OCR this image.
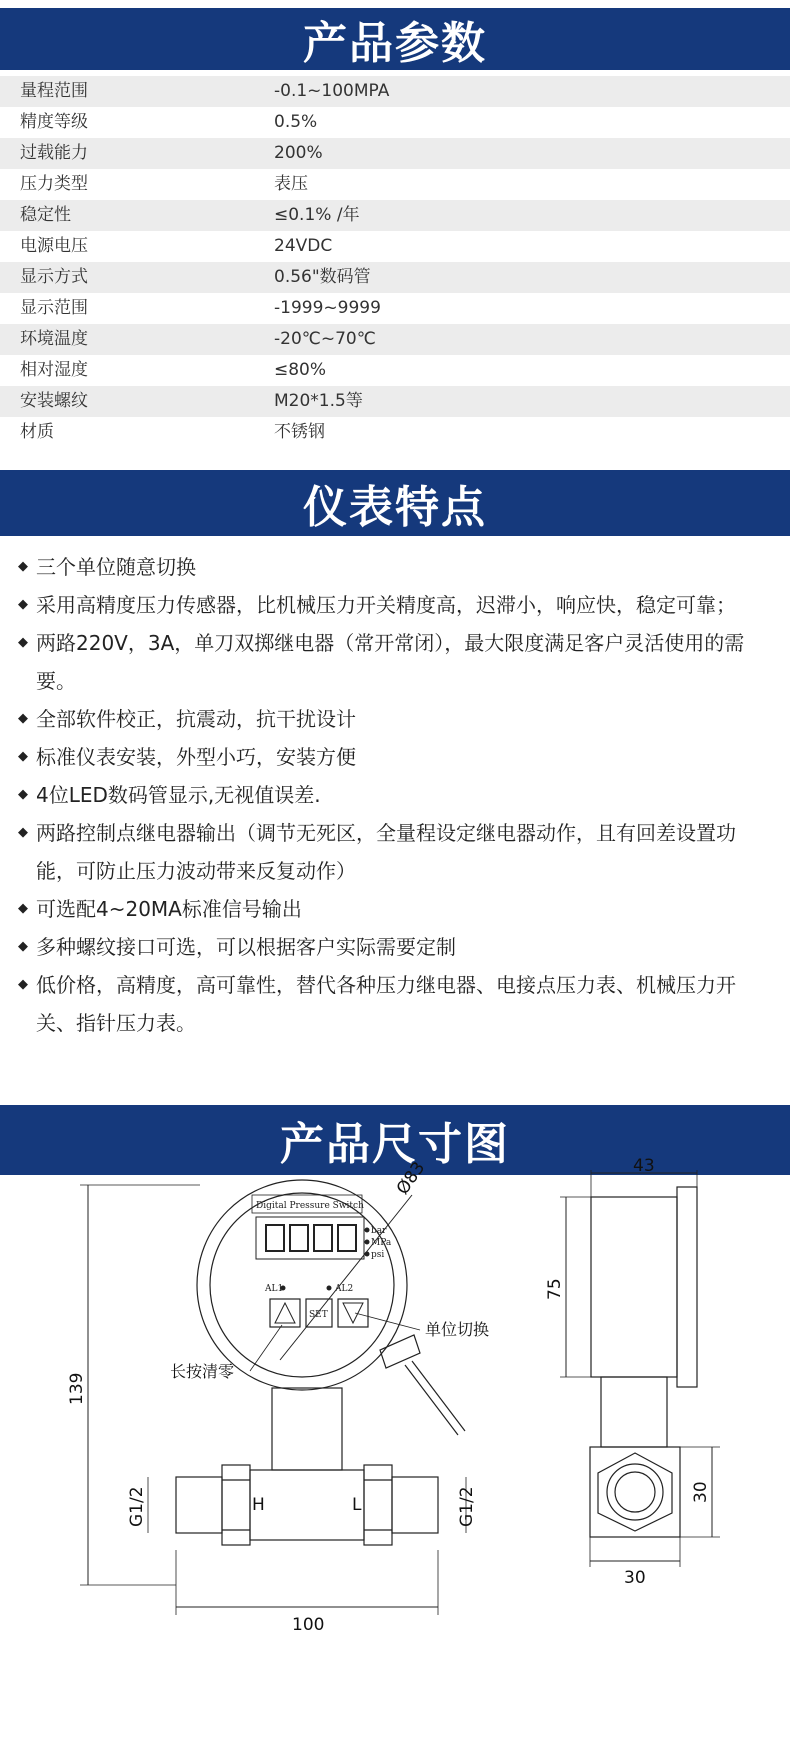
产品参数
量程范围	-0.1~100MPA
精度等级	0.5%
过载能力	200%
压力类型	表压
稳定性	≤0.1% /年
电源电压	24VDC
显示方式	0.56"数码管
显示范围	-1999~9999
环境温度	-20℃~70℃
相对湿度	≤80%
安装螺纹	M20*1.5等
材质	不锈钢
仪表特点
◆ 三个单位随意切换
◆ 采用高精度压力传感器，比机械压力开关精度高，迟滞小，响应快，稳定可靠；
◆ 两路220V，3A，单刀双掷继电器（常开常闭），最大限度满足客户灵活使用的需要。
◆ 全部软件校正，抗震动，抗干扰设计
◆ 标准仪表安装，外型小巧，安装方便
◆ 4位LED数码管显示,无视值误差.
◆ 两路控制点继电器输出（调节无死区，全量程设定继电器动作，且有回差设置功能，可防止压力波动带来反复动作）
◆ 可选配4~20MA标准信号输出
◆ 多种螺纹接口可选，可以根据客户实际需要定制
◆ 低价格，高精度，高可靠性，替代各种压力继电器、电接点压力表、机械压力开关、指针压力表。
产品尺寸图
Ø83
Digital Pressure Switch
bar
MPa
psi
AL1	AL2
SET
单位切换
长按清零
139
G1/2	G1/2
H	L
100
43
75
30
30
